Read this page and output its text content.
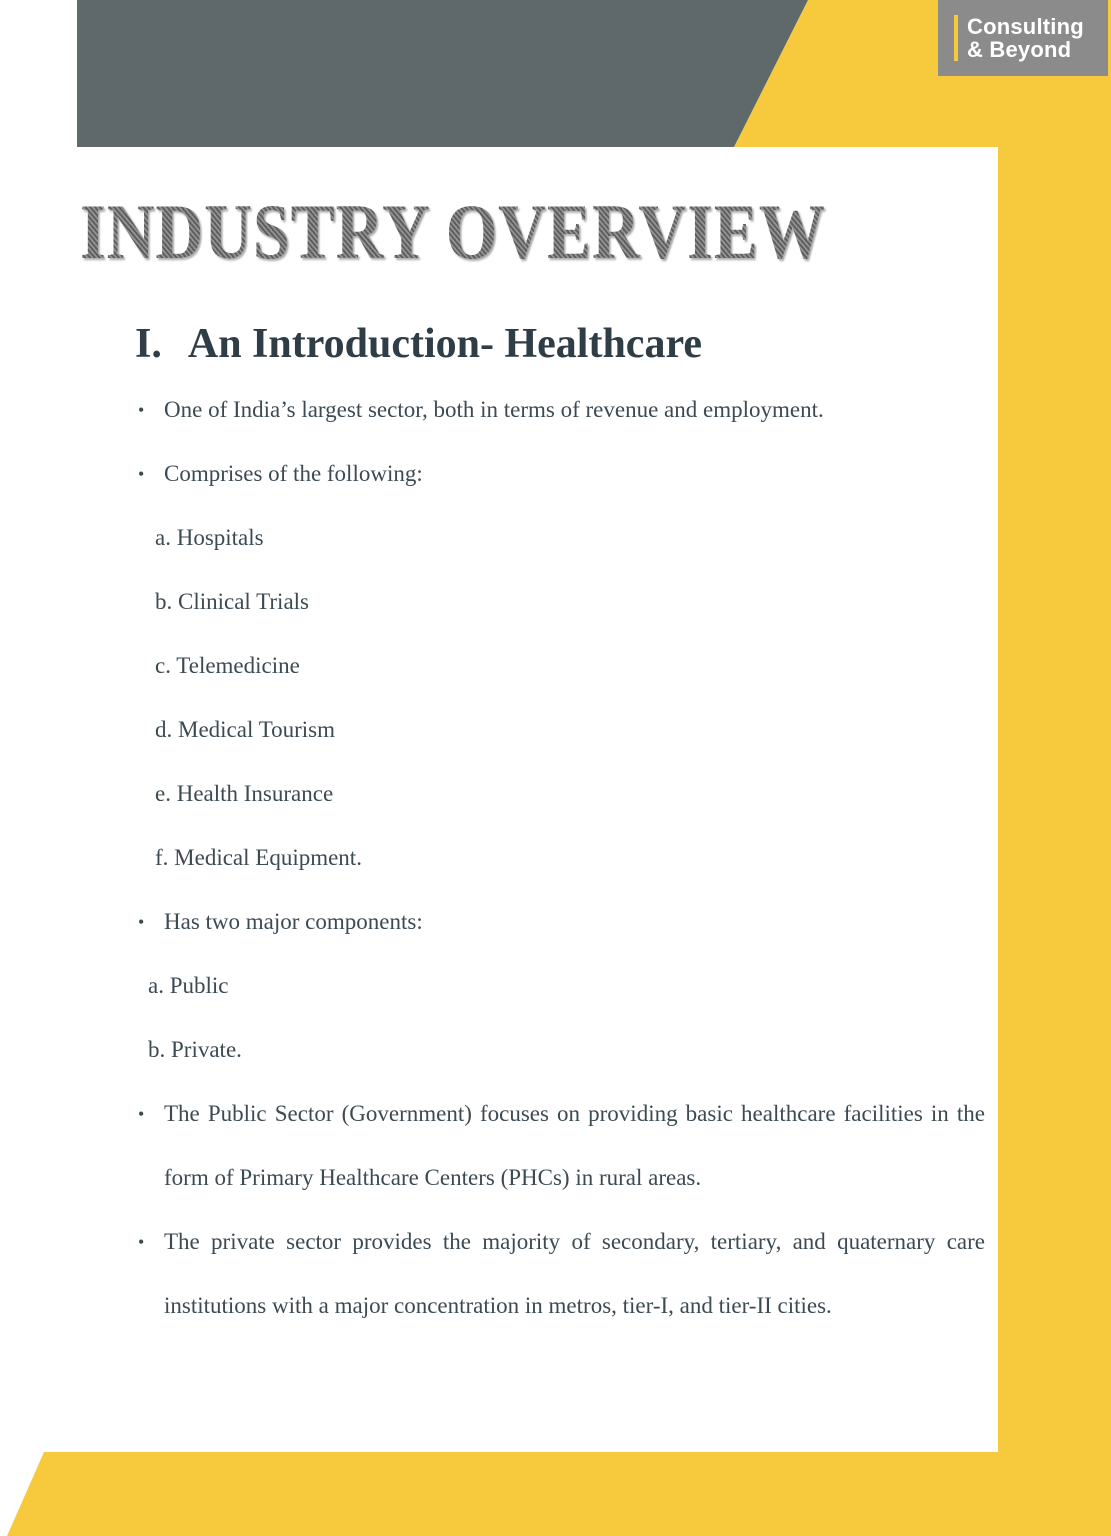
Consulting
& Beyond
INDUSTRY OVERVIEW
I. An Introduction- Healthcare
• One of India’s largest sector, both in terms of revenue and employment.
• Comprises of the following:
a. Hospitals
b. Clinical Trials
c. Telemedicine
d. Medical Tourism
e. Health Insurance
f. Medical Equipment.
• Has two major components:
a. Public
b. Private.
• The Public Sector (Government) focuses on providing basic healthcare facilities in the form of Primary Healthcare Centers (PHCs) in rural areas.
• The private sector provides the majority of secondary, tertiary, and quaternary care institutions with a major concentration in metros, tier-I, and tier-II cities.
